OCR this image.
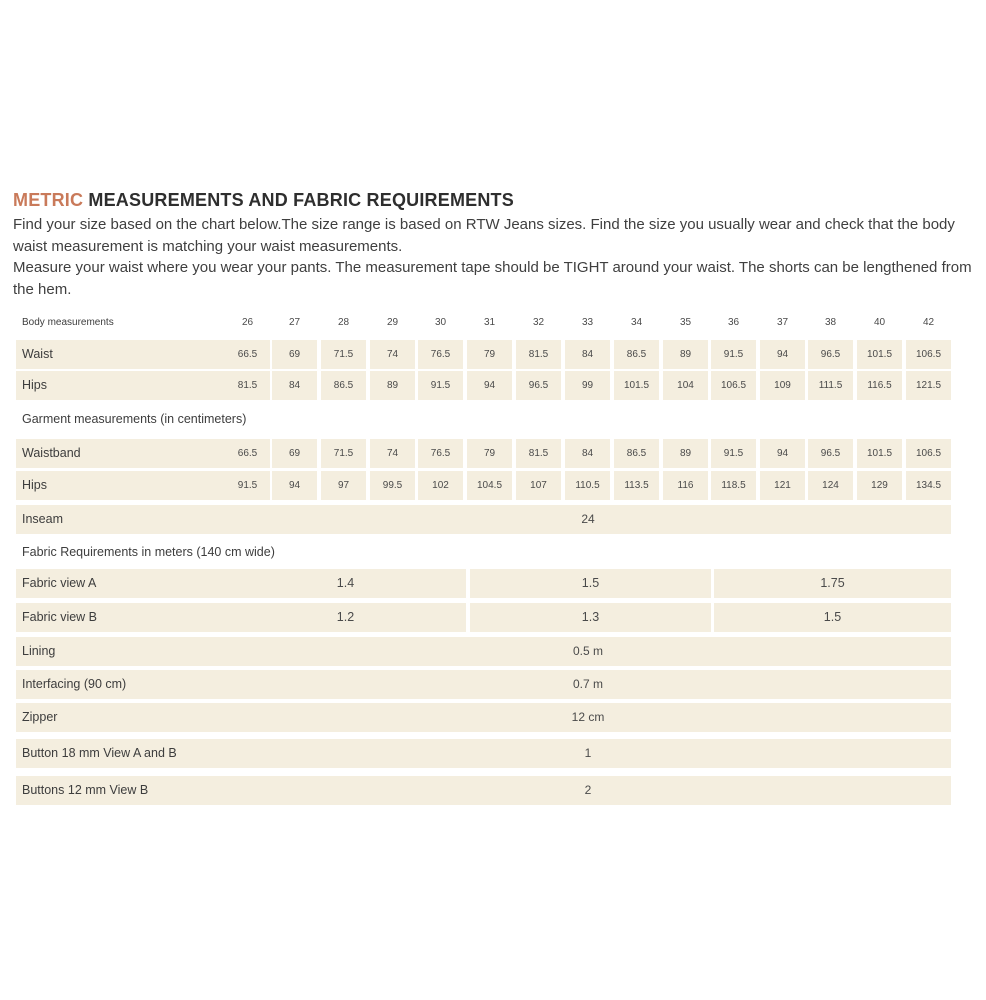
METRIC MEASUREMENTS AND FABRIC REQUIREMENTS

Find your size based on the chart below.The size range is based on RTW Jeans sizes. Find the size you usually wear and check that the body waist measurement is matching your waist measurements.

Measure your waist where you wear your pants. The measurement tape should be TIGHT around your waist. The shorts can be lengthened from the hem.

Body measurements	26	27	28	29	30	31	32	33	34	35	36	37	38	40	42
Waist	66.5	69	71.5	74	76.5	79	81.5	84	86.5	89	91.5	94	96.5	101.5	106.5
Hips	81.5	84	86.5	89	91.5	94	96.5	99	101.5	104	106.5	109	111.5	116.5	121.5
Garment measurements (in centimeters)
Waistband	66.5	69	71.5	74	76.5	79	81.5	84	86.5	89	91.5	94	96.5	101.5	106.5
Hips	91.5	94	97	99.5	102	104.5	107	110.5	113.5	116	118.5	121	124	129	134.5
Inseam	24
Fabric Requirements in meters (140 cm wide)
Fabric view A	1.4	1.5	1.75
Fabric view B	1.2	1.3	1.5
Lining	0.5 m
Interfacing (90 cm)	0.7 m
Zipper	12 cm
Button 18 mm View A and B	1
Buttons 12 mm View B	2
